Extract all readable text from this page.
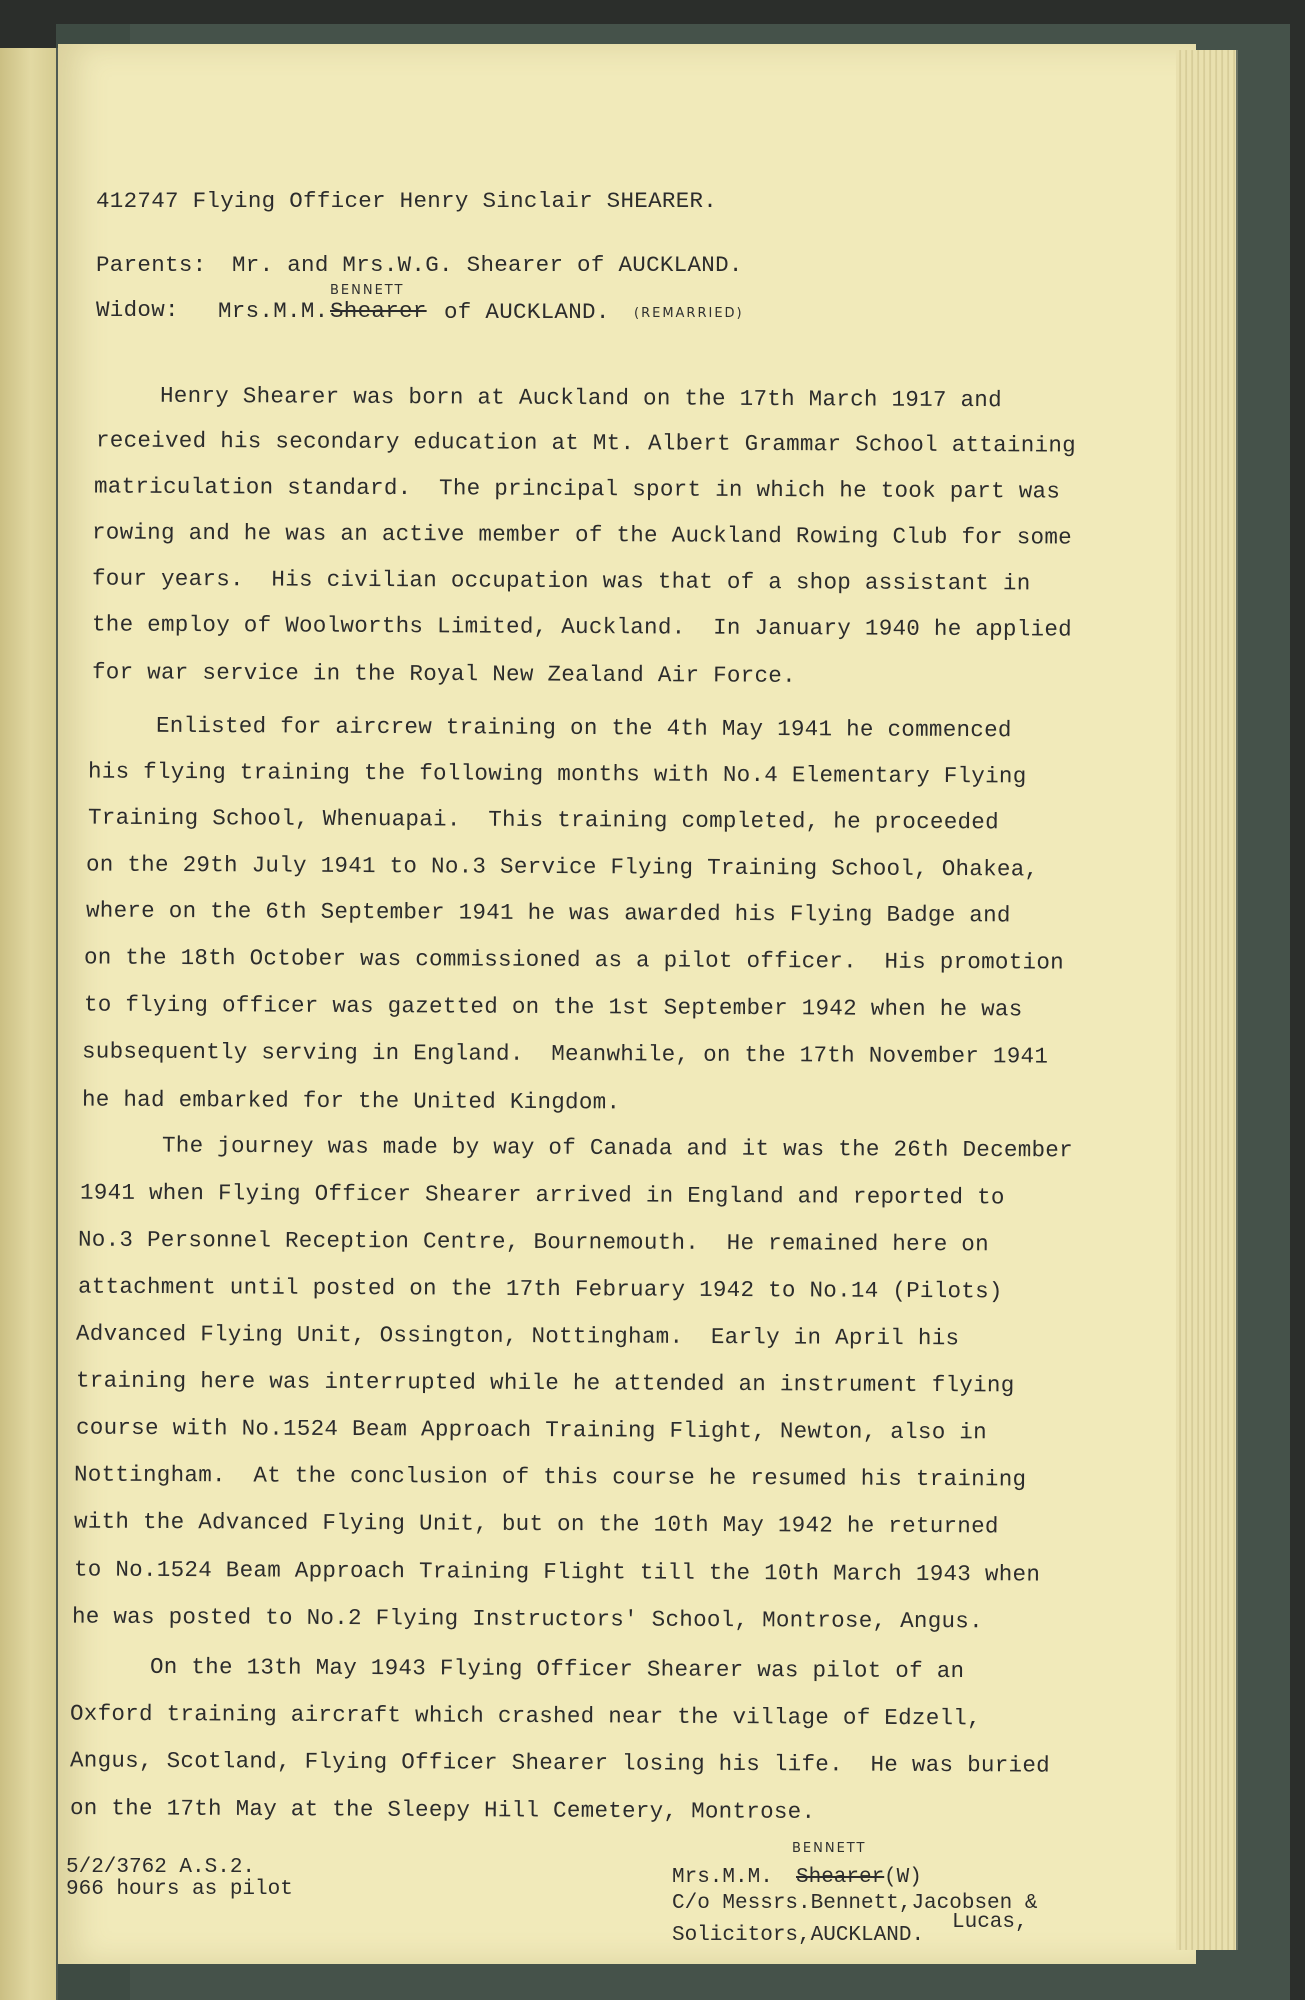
412747 Flying Officer Henry Sinclair SHEARER.

Parents: Mr. and Mrs.W.G. Shearer of AUCKLAND.

Widow: Mrs.M.M. Shearer of AUCKLAND.

BENNETT

(REMARRIED)

Henry Shearer was born at Auckland on the 17th March 1917 and

received his secondary education at Mt. Albert Grammar School attaining

matriculation standard.  The principal sport in which he took part was

rowing and he was an active member of the Auckland Rowing Club for some

four years.  His civilian occupation was that of a shop assistant in

the employ of Woolworths Limited, Auckland.  In January 1940 he applied

for war service in the Royal New Zealand Air Force.

Enlisted for aircrew training on the 4th May 1941 he commenced

his flying training the following months with No.4 Elementary Flying

Training School, Whenuapai.  This training completed, he proceeded

on the 29th July 1941 to No.3 Service Flying Training School, Ohakea,

where on the 6th September 1941 he was awarded his Flying Badge and

on the 18th October was commissioned as a pilot officer.  His promotion

to flying officer was gazetted on the 1st September 1942 when he was

subsequently serving in England.  Meanwhile, on the 17th November 1941

he had embarked for the United Kingdom.

The journey was made by way of Canada and it was the 26th December

1941 when Flying Officer Shearer arrived in England and reported to

No.3 Personnel Reception Centre, Bournemouth.  He remained here on

attachment until posted on the 17th February 1942 to No.14 (Pilots)

Advanced Flying Unit, Ossington, Nottingham.  Early in April his

training here was interrupted while he attended an instrument flying

course with No.1524 Beam Approach Training Flight, Newton, also in

Nottingham.  At the conclusion of this course he resumed his training

with the Advanced Flying Unit, but on the 10th May 1942 he returned

to No.1524 Beam Approach Training Flight till the 10th March 1943 when

he was posted to No.2 Flying Instructors' School, Montrose, Angus.

On the 13th May 1943 Flying Officer Shearer was pilot of an

Oxford training aircraft which crashed near the village of Edzell,

Angus, Scotland, Flying Officer Shearer losing his life.  He was buried

on the 17th May at the Sleepy Hill Cemetery, Montrose.

5/2/3762 A.S.2.

966 hours as pilot

BENNETT

Mrs.M.M. Shearer (W)

C/o Messrs.Bennett,Jacobsen &

Solicitors,AUCKLAND.

Lucas,
